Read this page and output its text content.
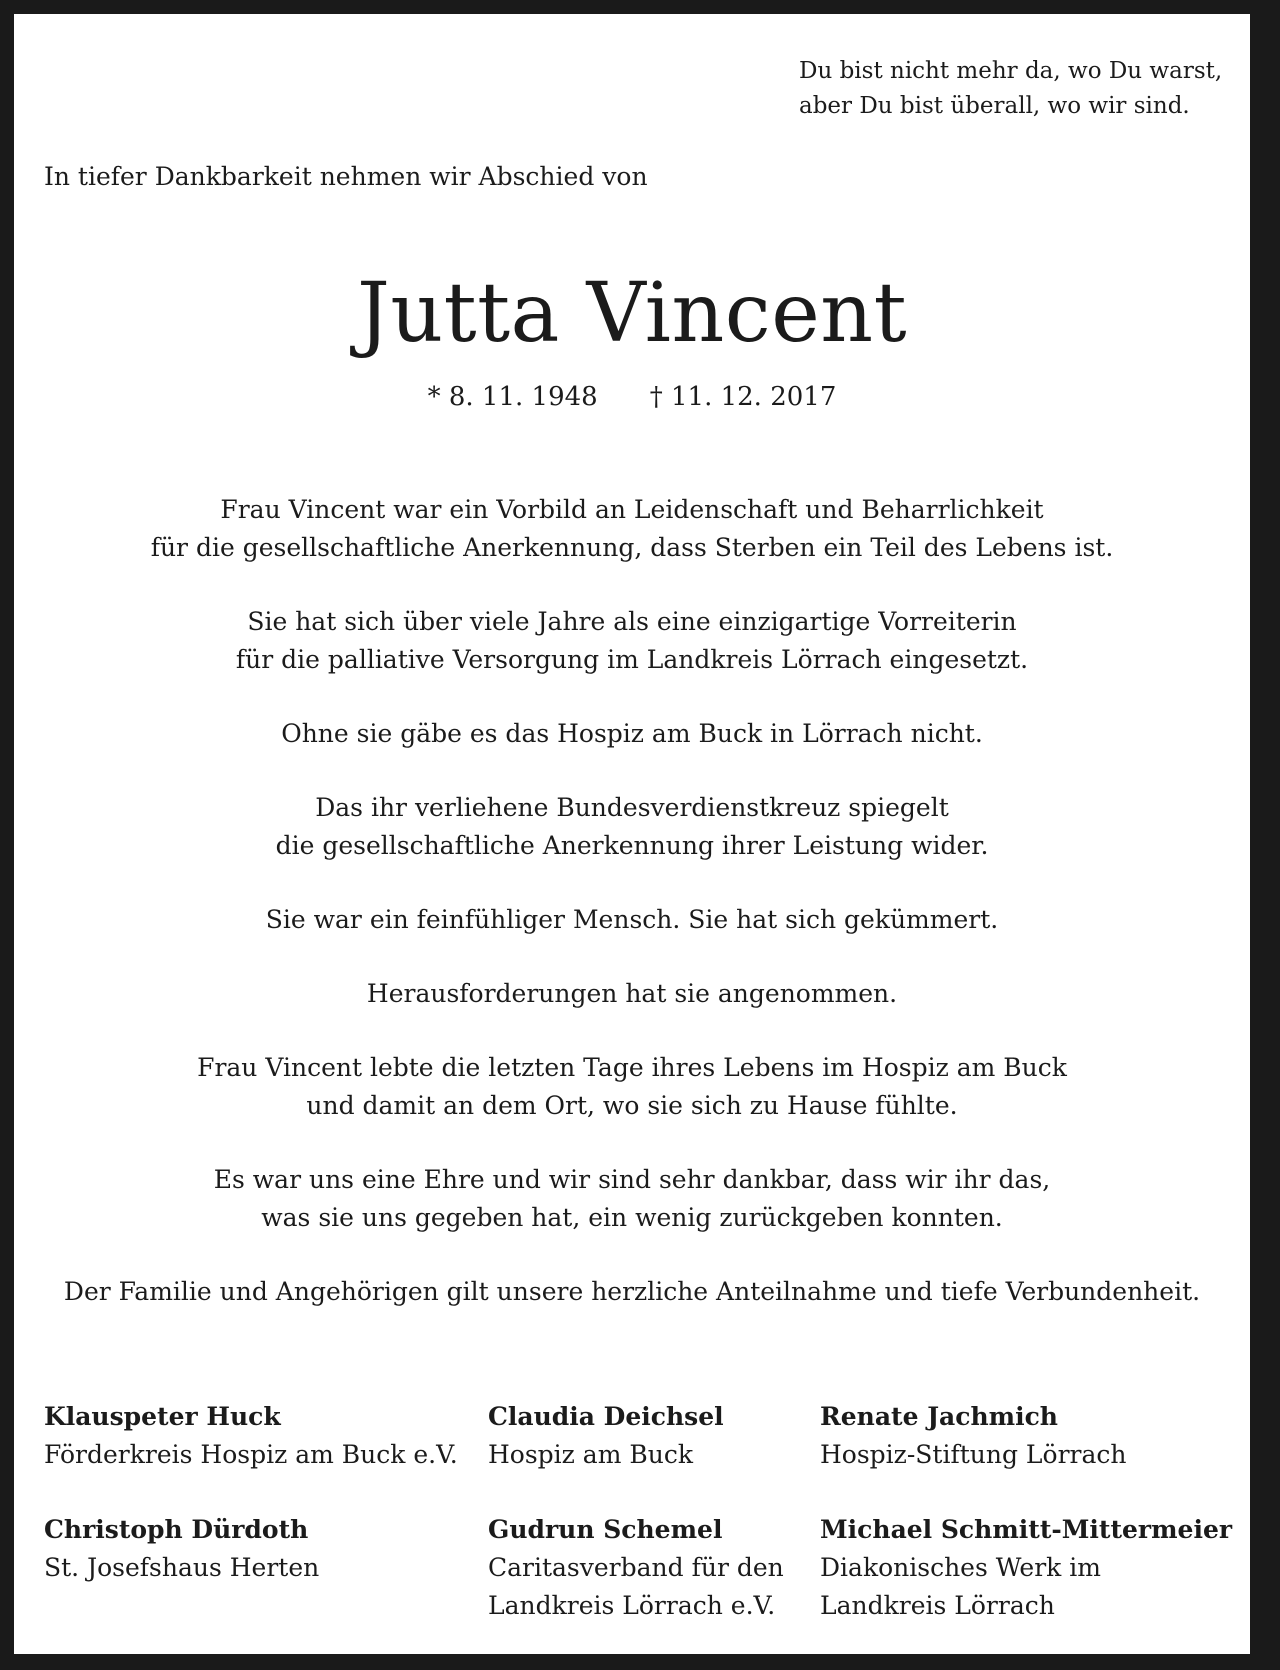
Du bist nicht mehr da, wo Du warst,
aber Du bist überall, wo wir sind.
In tiefer Dankbarkeit nehmen wir Abschied von
Jutta Vincent
* 8. 11. 1948 † 11. 12. 2017
Frau Vincent war ein Vorbild an Leidenschaft und Beharrlichkeit
für die gesellschaftliche Anerkennung, dass Sterben ein Teil des Lebens ist.
Sie hat sich über viele Jahre als eine einzigartige Vorreiterin
für die palliative Versorgung im Landkreis Lörrach eingesetzt.
Ohne sie gäbe es das Hospiz am Buck in Lörrach nicht.
Das ihr verliehene Bundesverdienstkreuz spiegelt
die gesellschaftliche Anerkennung ihrer Leistung wider.
Sie war ein feinfühliger Mensch. Sie hat sich gekümmert.
Herausforderungen hat sie angenommen.
Frau Vincent lebte die letzten Tage ihres Lebens im Hospiz am Buck
und damit an dem Ort, wo sie sich zu Hause fühlte.
Es war uns eine Ehre und wir sind sehr dankbar, dass wir ihr das,
was sie uns gegeben hat, ein wenig zurückgeben konnten.
Der Familie und Angehörigen gilt unsere herzliche Anteilnahme und tiefe Verbundenheit.
Klauspeter Huck
Förderkreis Hospiz am Buck e.V.
Claudia Deichsel
Hospiz am Buck
Renate Jachmich
Hospiz-Stiftung Lörrach
Christoph Dürdoth
St. Josefshaus Herten
Gudrun Schemel
Caritasverband für den
Landkreis Lörrach e.V.
Michael Schmitt-Mittermeier
Diakonisches Werk im
Landkreis Lörrach
